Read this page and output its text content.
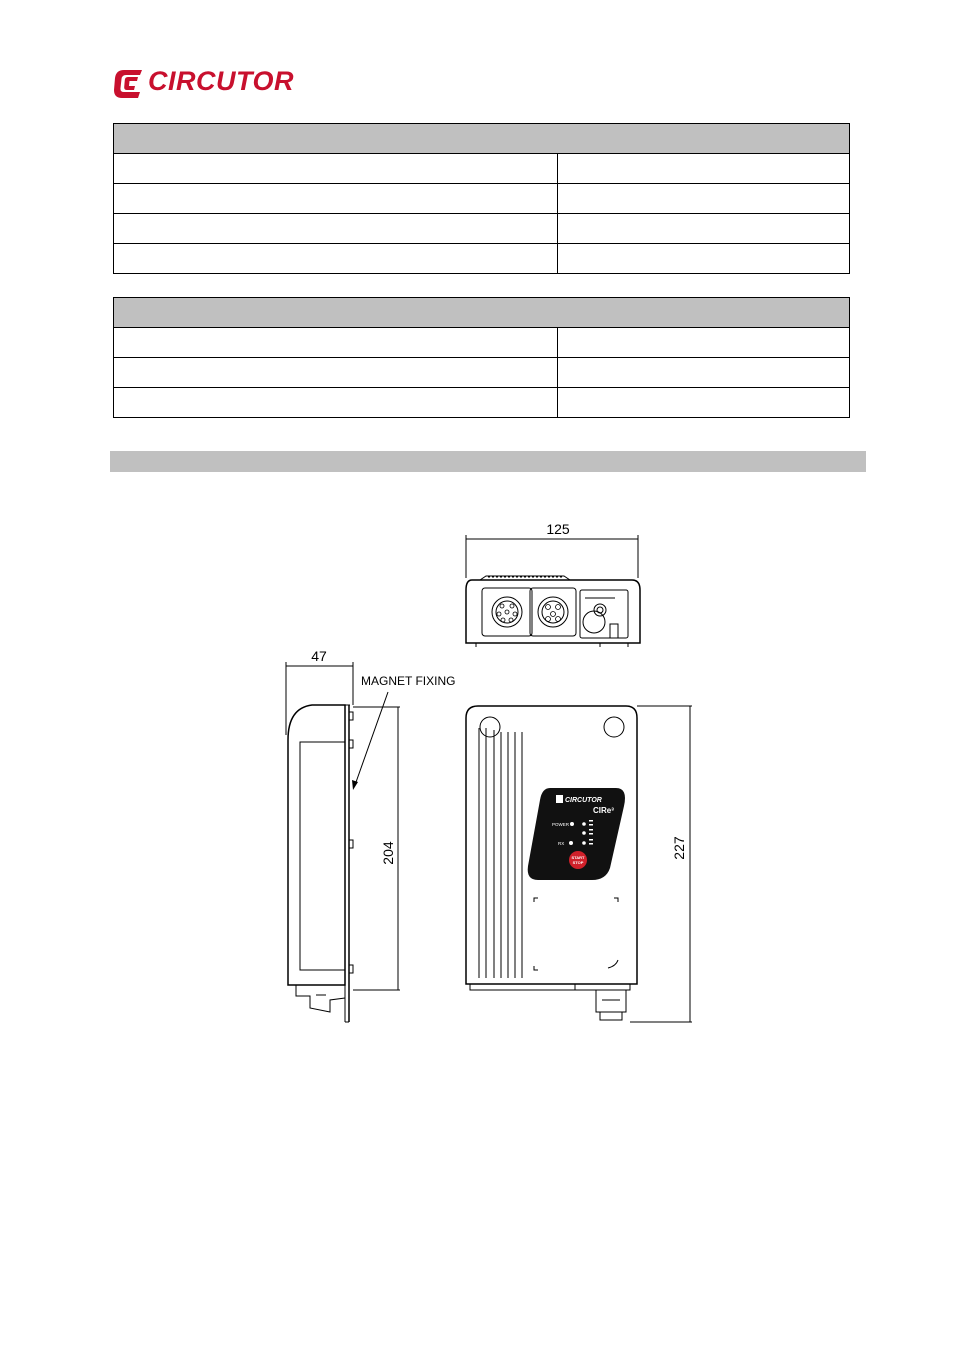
CIRCUTOR

CIRCUTOR
CIRe³
POWER
RX
START
STOP
125
47
204	227
MAGNET FIXING
